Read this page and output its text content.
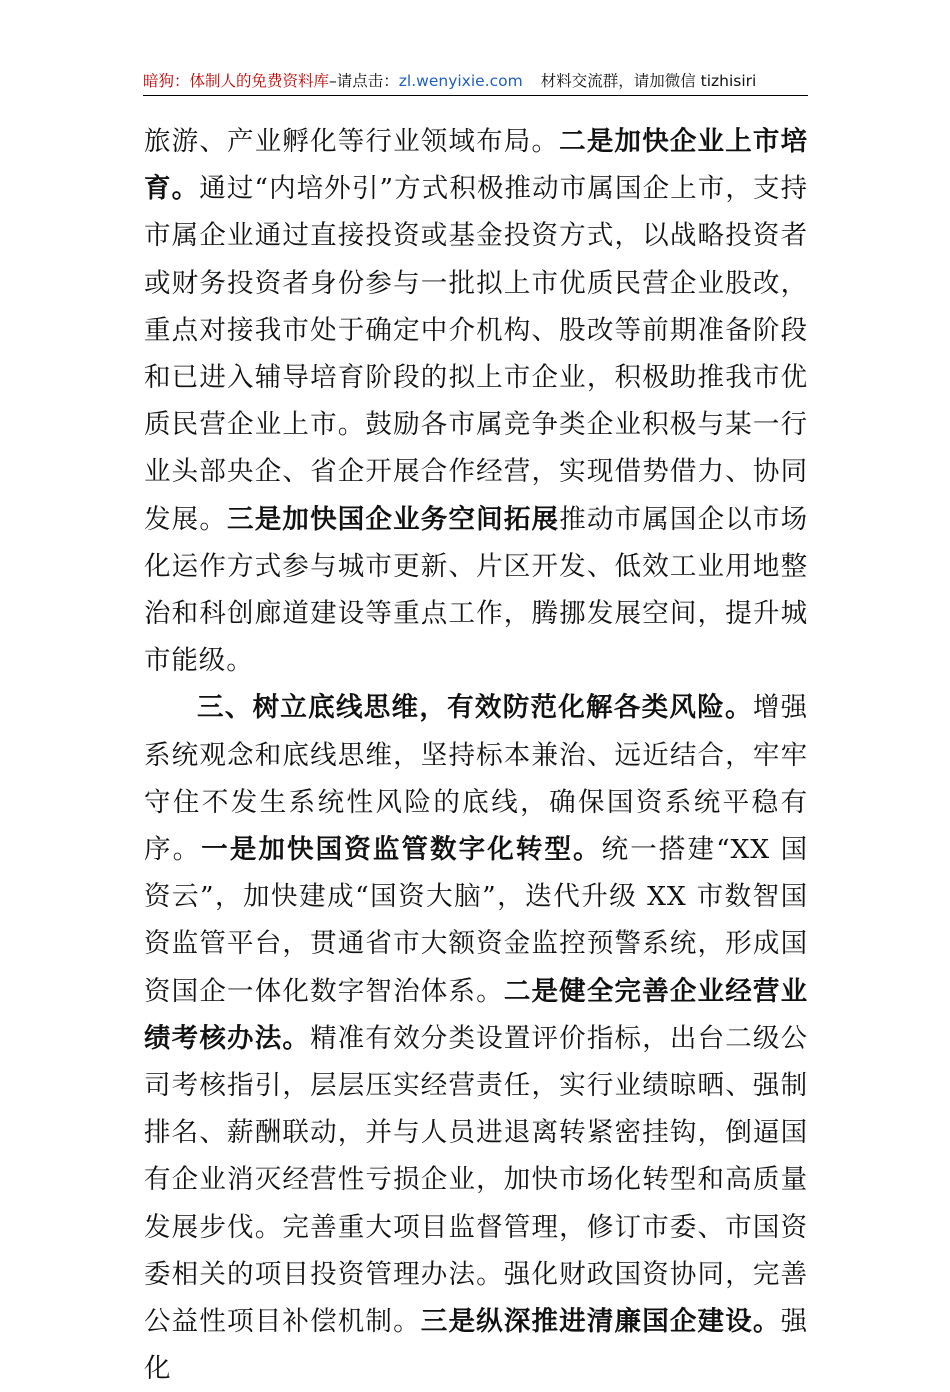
暗狗：体制人的免费资料库–请点击：zl.wenyixie.com 材料交流群，请加微信 tizhisiri

旅游、产业孵化等行业领域布局。二是加快企业上市培育。通过“内培外引”方式积极推动市属国企上市，支持市属企业通过直接投资或基金投资方式，以战略投资者或财务投资者身份参与一批拟上市优质民营企业股改，重点对接我市处于确定中介机构、股改等前期准备阶段和已进入辅导培育阶段的拟上市企业，积极助推我市优质民营企业上市。鼓励各市属竞争类企业积极与某一行业头部央企、省企开展合作经营，实现借势借力、协同发展。三是加快国企业务空间拓展推动市属国企以市场化运作方式参与城市更新、片区开发、低效工业用地整治和科创廊道建设等重点工作，腾挪发展空间，提升城市能级。

三、树立底线思维，有效防范化解各类风险。增强系统观念和底线思维，坚持标本兼治、远近结合，牢牢守住不发生系统性风险的底线，确保国资系统平稳有序。一是加快国资监管数字化转型。统一搭建“XX 国资云”，加快建成“国资大脑”，迭代升级 XX 市数智国资监管平台，贯通省市大额资金监控预警系统，形成国资国企一体化数字智治体系。二是健全完善企业经营业绩考核办法。精准有效分类设置评价指标，出台二级公司考核指引，层层压实经营责任，实行业绩晾晒、强制排名、薪酬联动，并与人员进退离转紧密挂钩，倒逼国有企业消灭经营性亏损企业，加快市场化转型和高质量发展步伐。完善重大项目监督管理，修订市委、市国资委相关的项目投资管理办法。强化财政国资协同，完善公益性项目补偿机制。三是纵深推进清廉国企建设。强化
